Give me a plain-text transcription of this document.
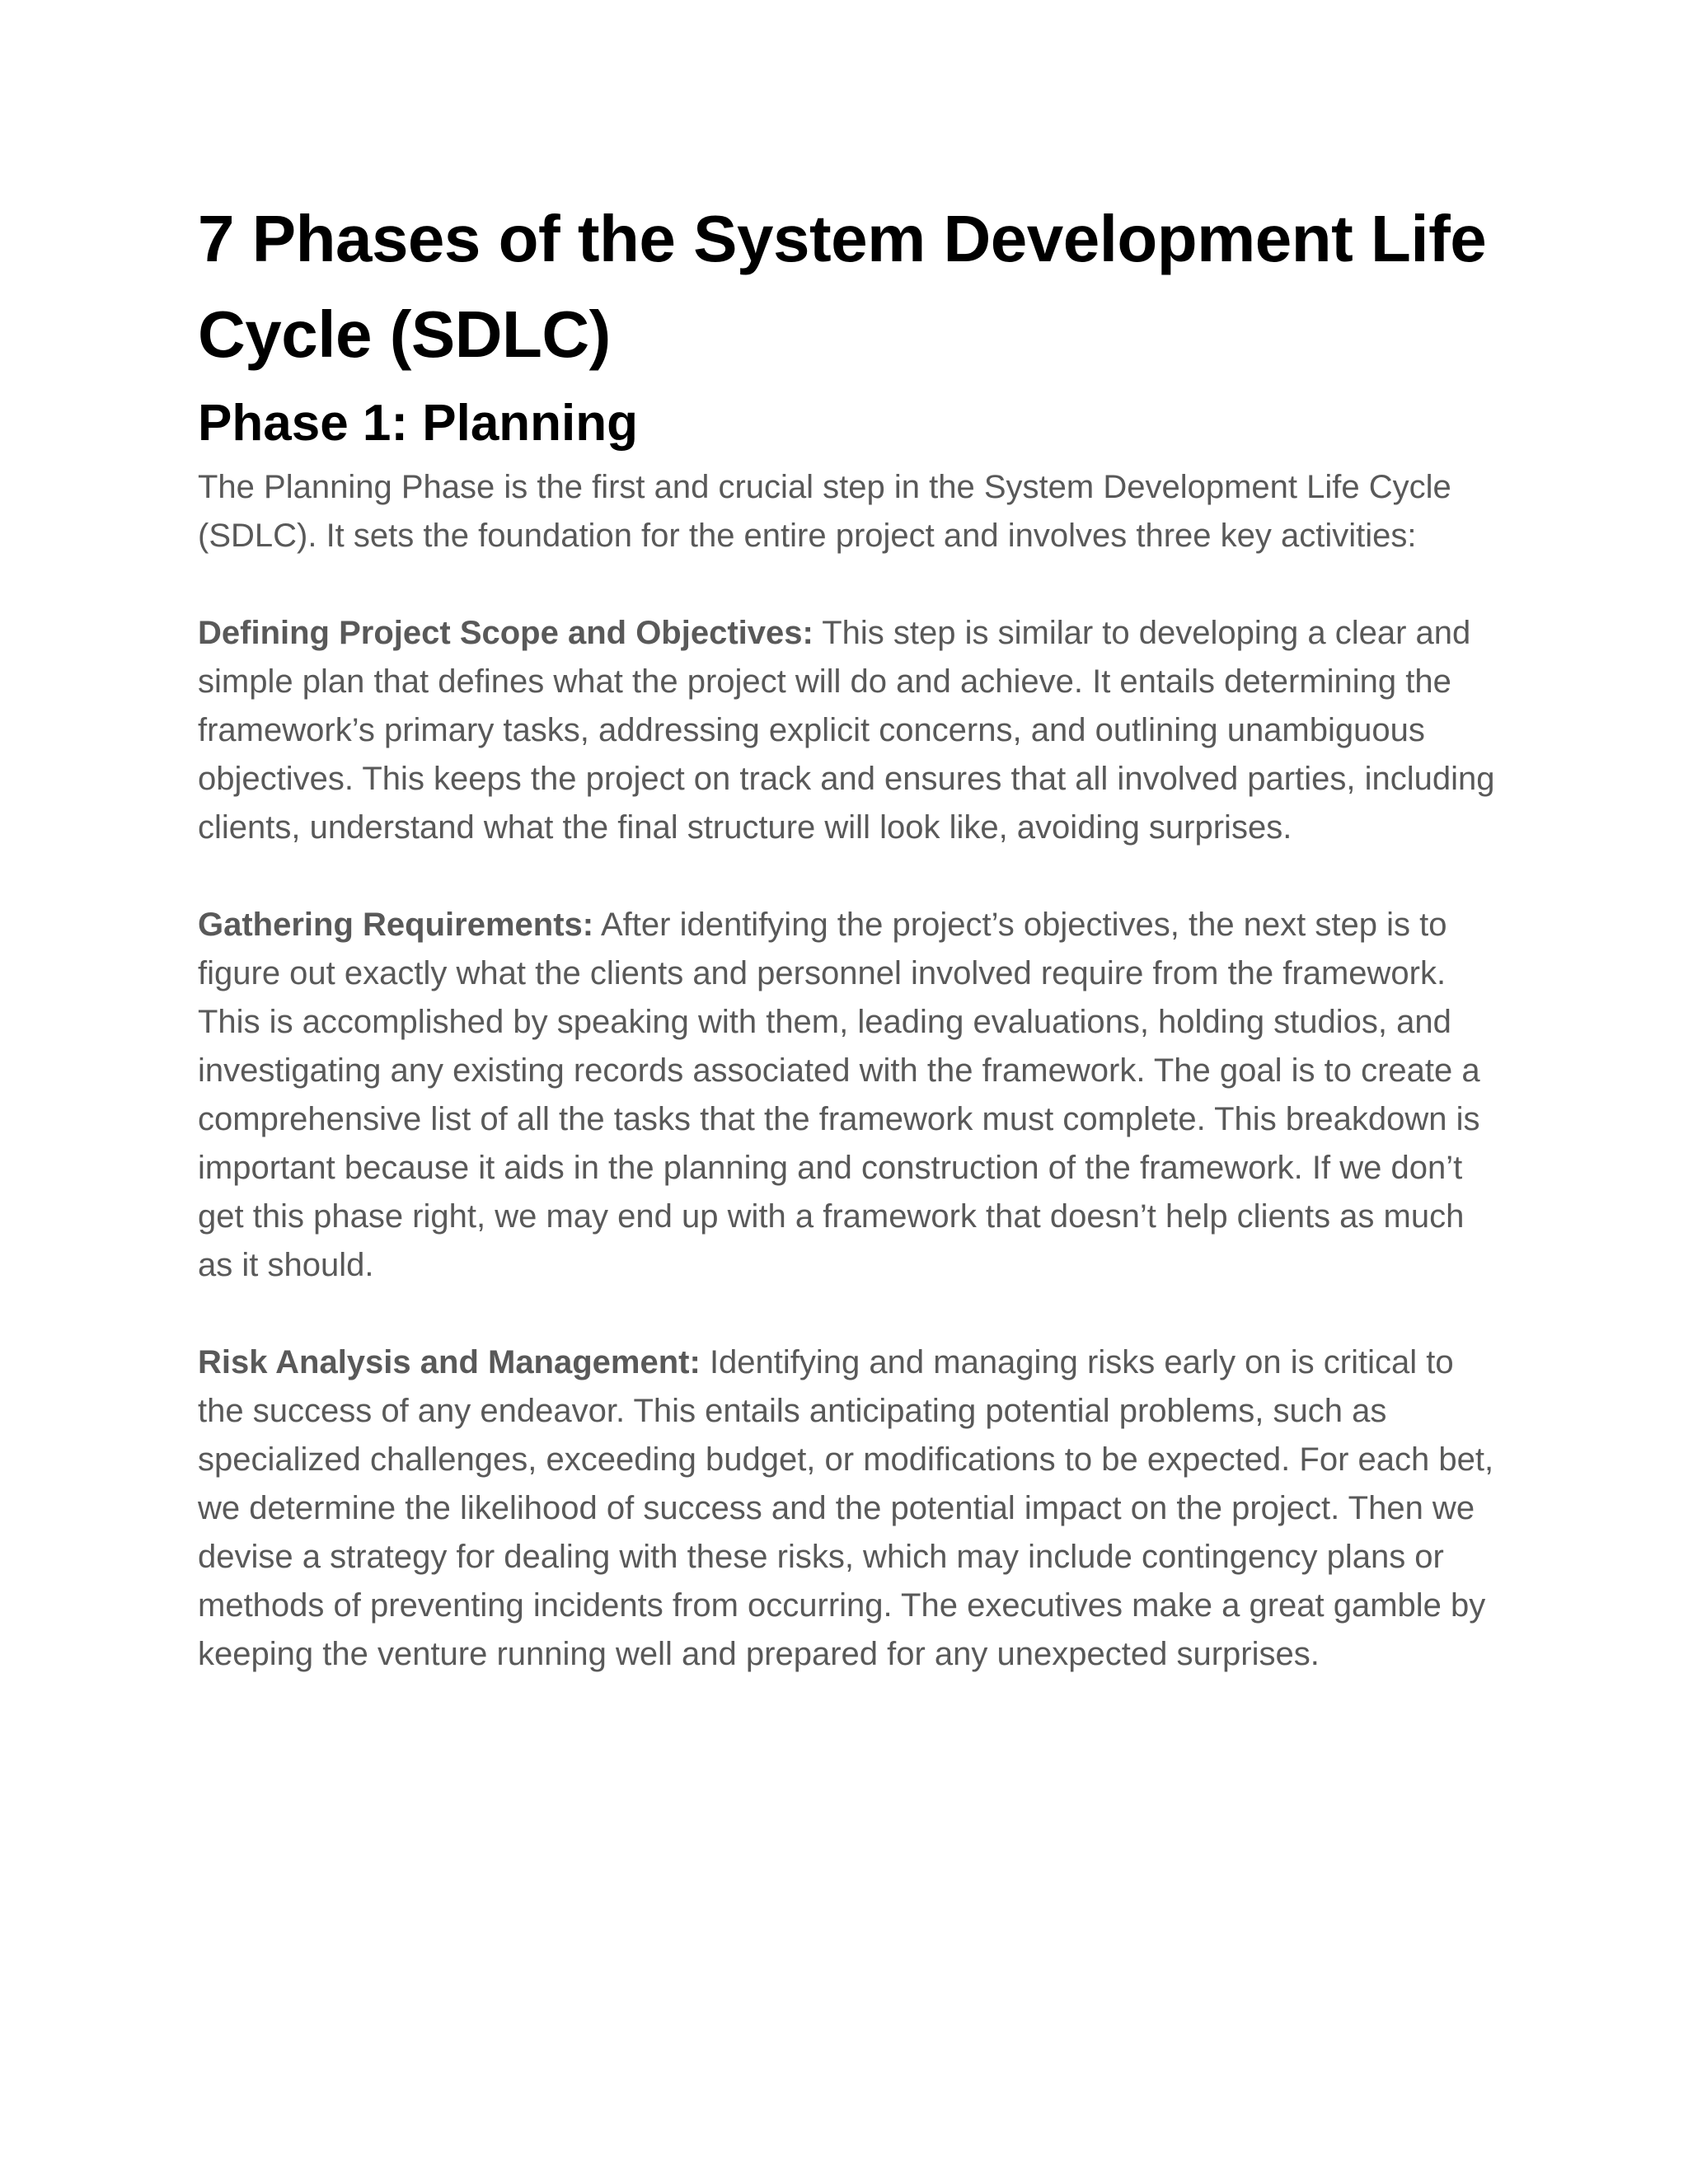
7 Phases of the System Development Life Cycle (SDLC)
Phase 1: Planning

The Planning Phase is the first and crucial step in the System Development Life Cycle (SDLC). It sets the foundation for the entire project and involves three key activities:

Defining Project Scope and Objectives: This step is similar to developing a clear and simple plan that defines what the project will do and achieve. It entails determining the framework’s primary tasks, addressing explicit concerns, and outlining unambiguous objectives. This keeps the project on track and ensures that all involved parties, including clients, understand what the final structure will look like, avoiding surprises.

Gathering Requirements: After identifying the project’s objectives, the next step is to figure out exactly what the clients and personnel involved require from the framework. This is accomplished by speaking with them, leading evaluations, holding studios, and investigating any existing records associated with the framework. The goal is to create a comprehensive list of all the tasks that the framework must complete. This breakdown is important because it aids in the planning and construction of the framework. If we don’t get this phase right, we may end up with a framework that doesn’t help clients as much as it should.

Risk Analysis and Management: Identifying and managing risks early on is critical to the success of any endeavor. This entails anticipating potential problems, such as specialized challenges, exceeding budget, or modifications to be expected. For each bet, we determine the likelihood of success and the potential impact on the project. Then we devise a strategy for dealing with these risks, which may include contingency plans or methods of preventing incidents from occurring. The executives make a great gamble by keeping the venture running well and prepared for any unexpected surprises.
